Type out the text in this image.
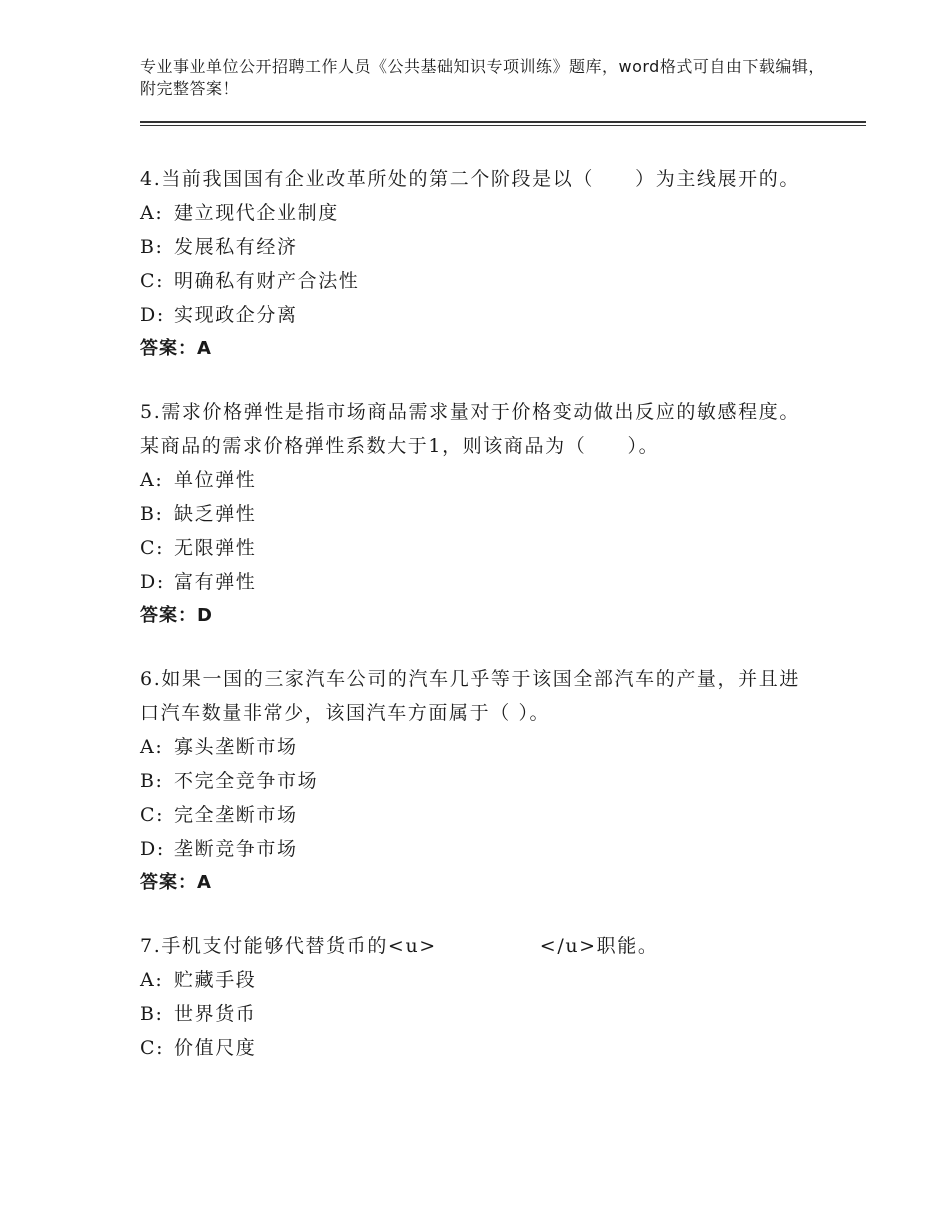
专业事业单位公开招聘工作人员《公共基础知识专项训练》题库，word格式可自由下载编辑，附完整答案！
4.当前我国国有企业改革所处的第二个阶段是以（　　）为主线展开的。
A: 建立现代企业制度
B: 发展私有经济
C: 明确私有财产合法性
D: 实现政企分离
答案：A
5.需求价格弹性是指市场商品需求量对于价格变动做出反应的敏感程度。某商品的需求价格弹性系数大于1，则该商品为（　　）。
A: 单位弹性
B: 缺乏弹性
C: 无限弹性
D: 富有弹性
答案：D
6.如果一国的三家汽车公司的汽车几乎等于该国全部汽车的产量，并且进口汽车数量非常少，该国汽车方面属于（ ）。
A: 寡头垄断市场
B: 不完全竞争市场
C: 完全垄断市场
D: 垄断竞争市场
答案：A
7.手机支付能够代替货币的<u>　　　　　</u>职能。
A: 贮藏手段
B: 世界货币
C: 价值尺度
